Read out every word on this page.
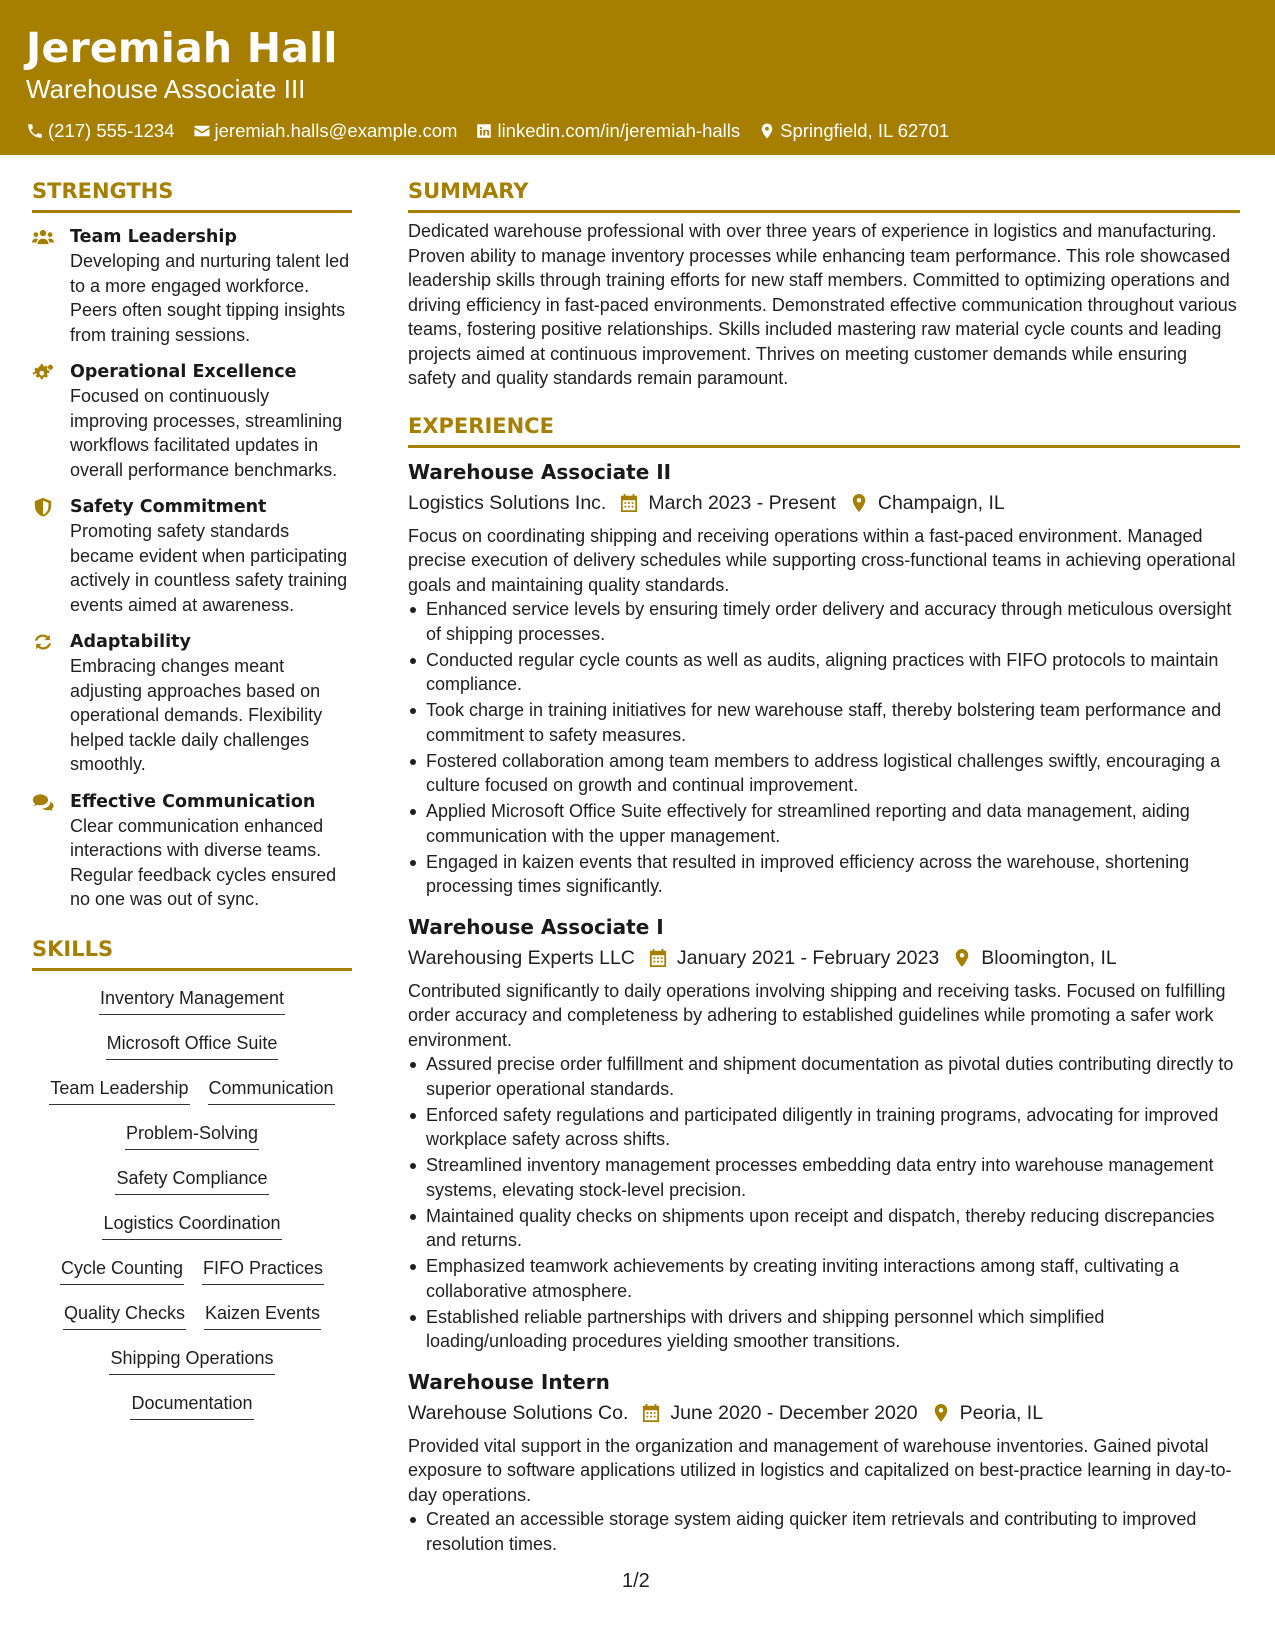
Jeremiah Hall
Warehouse Associate III
(217) 555-1234 jeremiah.halls@example.com linkedin.com/in/jeremiah-halls Springfield, IL 62701
STRENGTHS
Team Leadership
Developing and nurturing talent led to a more engaged workforce. Peers often sought tipping insights from training sessions.
Operational Excellence
Focused on continuously improving processes, streamlining workflows facilitated updates in overall performance benchmarks.
Safety Commitment
Promoting safety standards became evident when participating actively in countless safety training events aimed at awareness.
Adaptability
Embracing changes meant adjusting approaches based on operational demands. Flexibility helped tackle daily challenges smoothly.
Effective Communication
Clear communication enhanced interactions with diverse teams. Regular feedback cycles ensured no one was out of sync.
SKILLS
Inventory Management
Microsoft Office Suite
Team Leadership Communication
Problem-Solving
Safety Compliance
Logistics Coordination
Cycle Counting FIFO Practices
Quality Checks Kaizen Events
Shipping Operations
Documentation
SUMMARY
Dedicated warehouse professional with over three years of experience in logistics and manufacturing. Proven ability to manage inventory processes while enhancing team performance. This role showcased leadership skills through training efforts for new staff members. Committed to optimizing operations and driving efficiency in fast-paced environments. Demonstrated effective communication throughout various teams, fostering positive relationships. Skills included mastering raw material cycle counts and leading projects aimed at continuous improvement. Thrives on meeting customer demands while ensuring safety and quality standards remain paramount.
EXPERIENCE
Warehouse Associate II
Logistics Solutions Inc. March 2023 - Present Champaign, IL
Focus on coordinating shipping and receiving operations within a fast-paced environment. Managed precise execution of delivery schedules while supporting cross-functional teams in achieving operational goals and maintaining quality standards.
Enhanced service levels by ensuring timely order delivery and accuracy through meticulous oversight of shipping processes.
Conducted regular cycle counts as well as audits, aligning practices with FIFO protocols to maintain compliance.
Took charge in training initiatives for new warehouse staff, thereby bolstering team performance and commitment to safety measures.
Fostered collaboration among team members to address logistical challenges swiftly, encouraging a culture focused on growth and continual improvement.
Applied Microsoft Office Suite effectively for streamlined reporting and data management, aiding communication with the upper management.
Engaged in kaizen events that resulted in improved efficiency across the warehouse, shortening processing times significantly.
Warehouse Associate I
Warehousing Experts LLC January 2021 - February 2023 Bloomington, IL
Contributed significantly to daily operations involving shipping and receiving tasks. Focused on fulfilling order accuracy and completeness by adhering to established guidelines while promoting a safer work environment.
Assured precise order fulfillment and shipment documentation as pivotal duties contributing directly to superior operational standards.
Enforced safety regulations and participated diligently in training programs, advocating for improved workplace safety across shifts.
Streamlined inventory management processes embedding data entry into warehouse management systems, elevating stock-level precision.
Maintained quality checks on shipments upon receipt and dispatch, thereby reducing discrepancies and returns.
Emphasized teamwork achievements by creating inviting interactions among staff, cultivating a collaborative atmosphere.
Established reliable partnerships with drivers and shipping personnel which simplified loading/unloading procedures yielding smoother transitions.
Warehouse Intern
Warehouse Solutions Co. June 2020 - December 2020 Peoria, IL
Provided vital support in the organization and management of warehouse inventories. Gained pivotal exposure to software applications utilized in logistics and capitalized on best-practice learning in day-to-day operations.
Created an accessible storage system aiding quicker item retrievals and contributing to improved resolution times.
1/2
